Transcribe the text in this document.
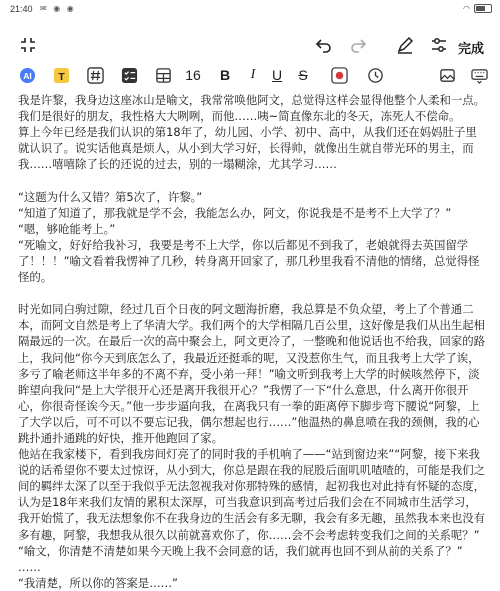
21:40 ✉ ◉ ◉	◠
完成
AI T	16	B	I	U	S

我是许黎，我身边这座冰山是喻文，我常常唤他阿文，总觉得这样会显得他整个人柔和一点。我们是很好的朋友，我性格大大咧咧，而他……咦~简直像东北的冬天，冻死人不偿命。

算上今年已经是我们认识的第18年了，幼儿园、小学、初中、高中，从我们还在妈妈肚子里就认识了。说实话他真是烦人，从小到大学习好，长得帅，就像出生就自带光环的男主，而我……嘻嘻除了长的还说的过去，别的一塌糊涂，尤其学习……

“这题为什么又错？第5次了，许黎。”

“知道了知道了，那我就是学不会，我能怎么办，阿文，你说我是不是考不上大学了？”

“嗯，够呛能考上。”

“死喻文，好好给我补习，我要是考不上大学，你以后都见不到我了，老娘就得去英国留学了！！！”喻文看着我愣神了几秒，转身离开回家了，那几秒里我看不清他的情绪，总觉得怪怪的。

时光如同白驹过隙，经过几百个日夜的阿文题海折磨，我总算是不负众望，考上了个普通二本，而阿文自然是考上了华清大学。我们两个的大学相隔几百公里，这好像是我们从出生起相隔最远的一次。在最后一次的高中聚会上，阿文更冷了，一整晚和他说话也不给我，回家的路上，我问他“你今天到底怎么了，我最近还挺乖的呢，又没惹你生气，而且我考上大学了诶，多亏了喻老师这半年多的不离不弃，受小弟一拜！”喻文听到我考上大学的时候咳然停下，淡眸望向我问“是上大学很开心还是离开我很开心？”我愣了一下“什么意思，什么离开你很开心，你很奇怪诶今天。”他一步步逼向我，在离我只有一拳的距离停下脚步弯下腰说“阿黎，上了大学以后，可不可以不要忘记我，偶尔想起也行……”他温热的鼻息喷在我的颈侧，我的心跳扑通扑通跳的好快，推开他跑回了家。

他站在我家楼下，看到我房间灯亮了的同时我的手机响了——“站到窗边来”“阿黎，接下来我说的话希望你不要太过惊讶，从小到大，你总是跟在我的屁股后面叽叽喳喳的，可能是我们之间的羁绊太深了以至于我似乎无法忽视我对你那特殊的感情，起初我也对此持有怀疑的态度，认为是18年来我们友情的累积太深厚，可当我意识到高考过后我们会在不同城市生活学习，我开始慌了，我无法想象你不在我身边的生活会有多无聊，我会有多无趣，虽然我本来也没有多有趣，阿黎，我想我从很久以前就喜欢你了，你……会不会考虑转变我们之间的关系呢？”

“喻文，你清楚不清楚如果今天晚上我不会同意的话，我们就再也回不到从前的关系了？”

……

“我清楚，所以你的答案是……”
